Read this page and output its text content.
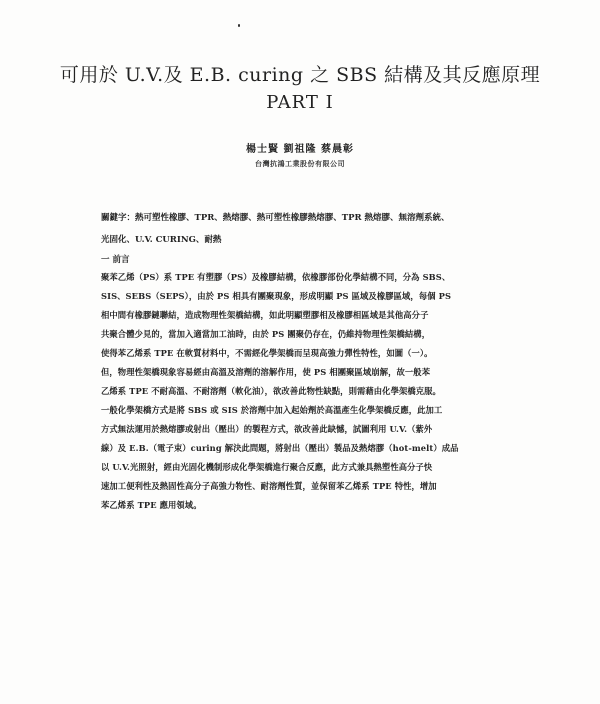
可用於 U.V.及 E.B. curing 之 SBS 結構及其反應原理
PART I
楊士賢 劉祖隆 蔡晨彰
台灣抗鴻工業股份有限公司
關鍵字：熱可塑性橡膠、TPR、熱熔膠、熱可塑性橡膠熱熔膠、TPR 熱熔膠、無溶劑系統、
光固化、U.V. CURING、耐熱
一 前言
聚苯乙烯（PS）系 TPE 有塑膠（PS）及橡膠結構，依橡膠部份化學結構不同，分為 SBS、
SIS、SEBS（SEPS），由於 PS 相具有團聚現象，形成明顯 PS 區域及橡膠區域，每個 PS
相中間有橡膠鏈聯結，造成物理性架橋結構，如此明顯塑膠相及橡膠相區域是其他高分子
共聚合體少見的，當加入適當加工油時，由於 PS 團聚仍存在，仍維持物理性架橋結構，
使得苯乙烯系 TPE 在軟質材料中，不需經化學架橋而呈現高強力彈性特性，如圖（一）。
但，物理性架橋現象容易經由高溫及溶劑的溶解作用，使 PS 相團聚區域崩解，故一般苯
乙烯系 TPE 不耐高溫、不耐溶劑（軟化油），欲改善此物性缺點，則需藉由化學架橋克服。
一般化學架橋方式是將 SBS 或 SIS 於溶劑中加入起始劑於高溫產生化學架橋反應，此加工
方式無法運用於熱熔膠或射出（壓出）的製程方式，欲改善此缺憾，試圖利用 U.V.（紫外
線）及 E.B.（電子束）curing 解決此問題，將射出（壓出）製品及熱熔膠（hot-melt）成品
以 U.V.光照射，經由光固化機制形成化學架橋進行聚合反應，此方式兼具熱塑性高分子快
速加工便利性及熱固性高分子高強力物性、耐溶劑性質，並保留苯乙烯系 TPE 特性，增加
苯乙烯系 TPE 應用領域。
